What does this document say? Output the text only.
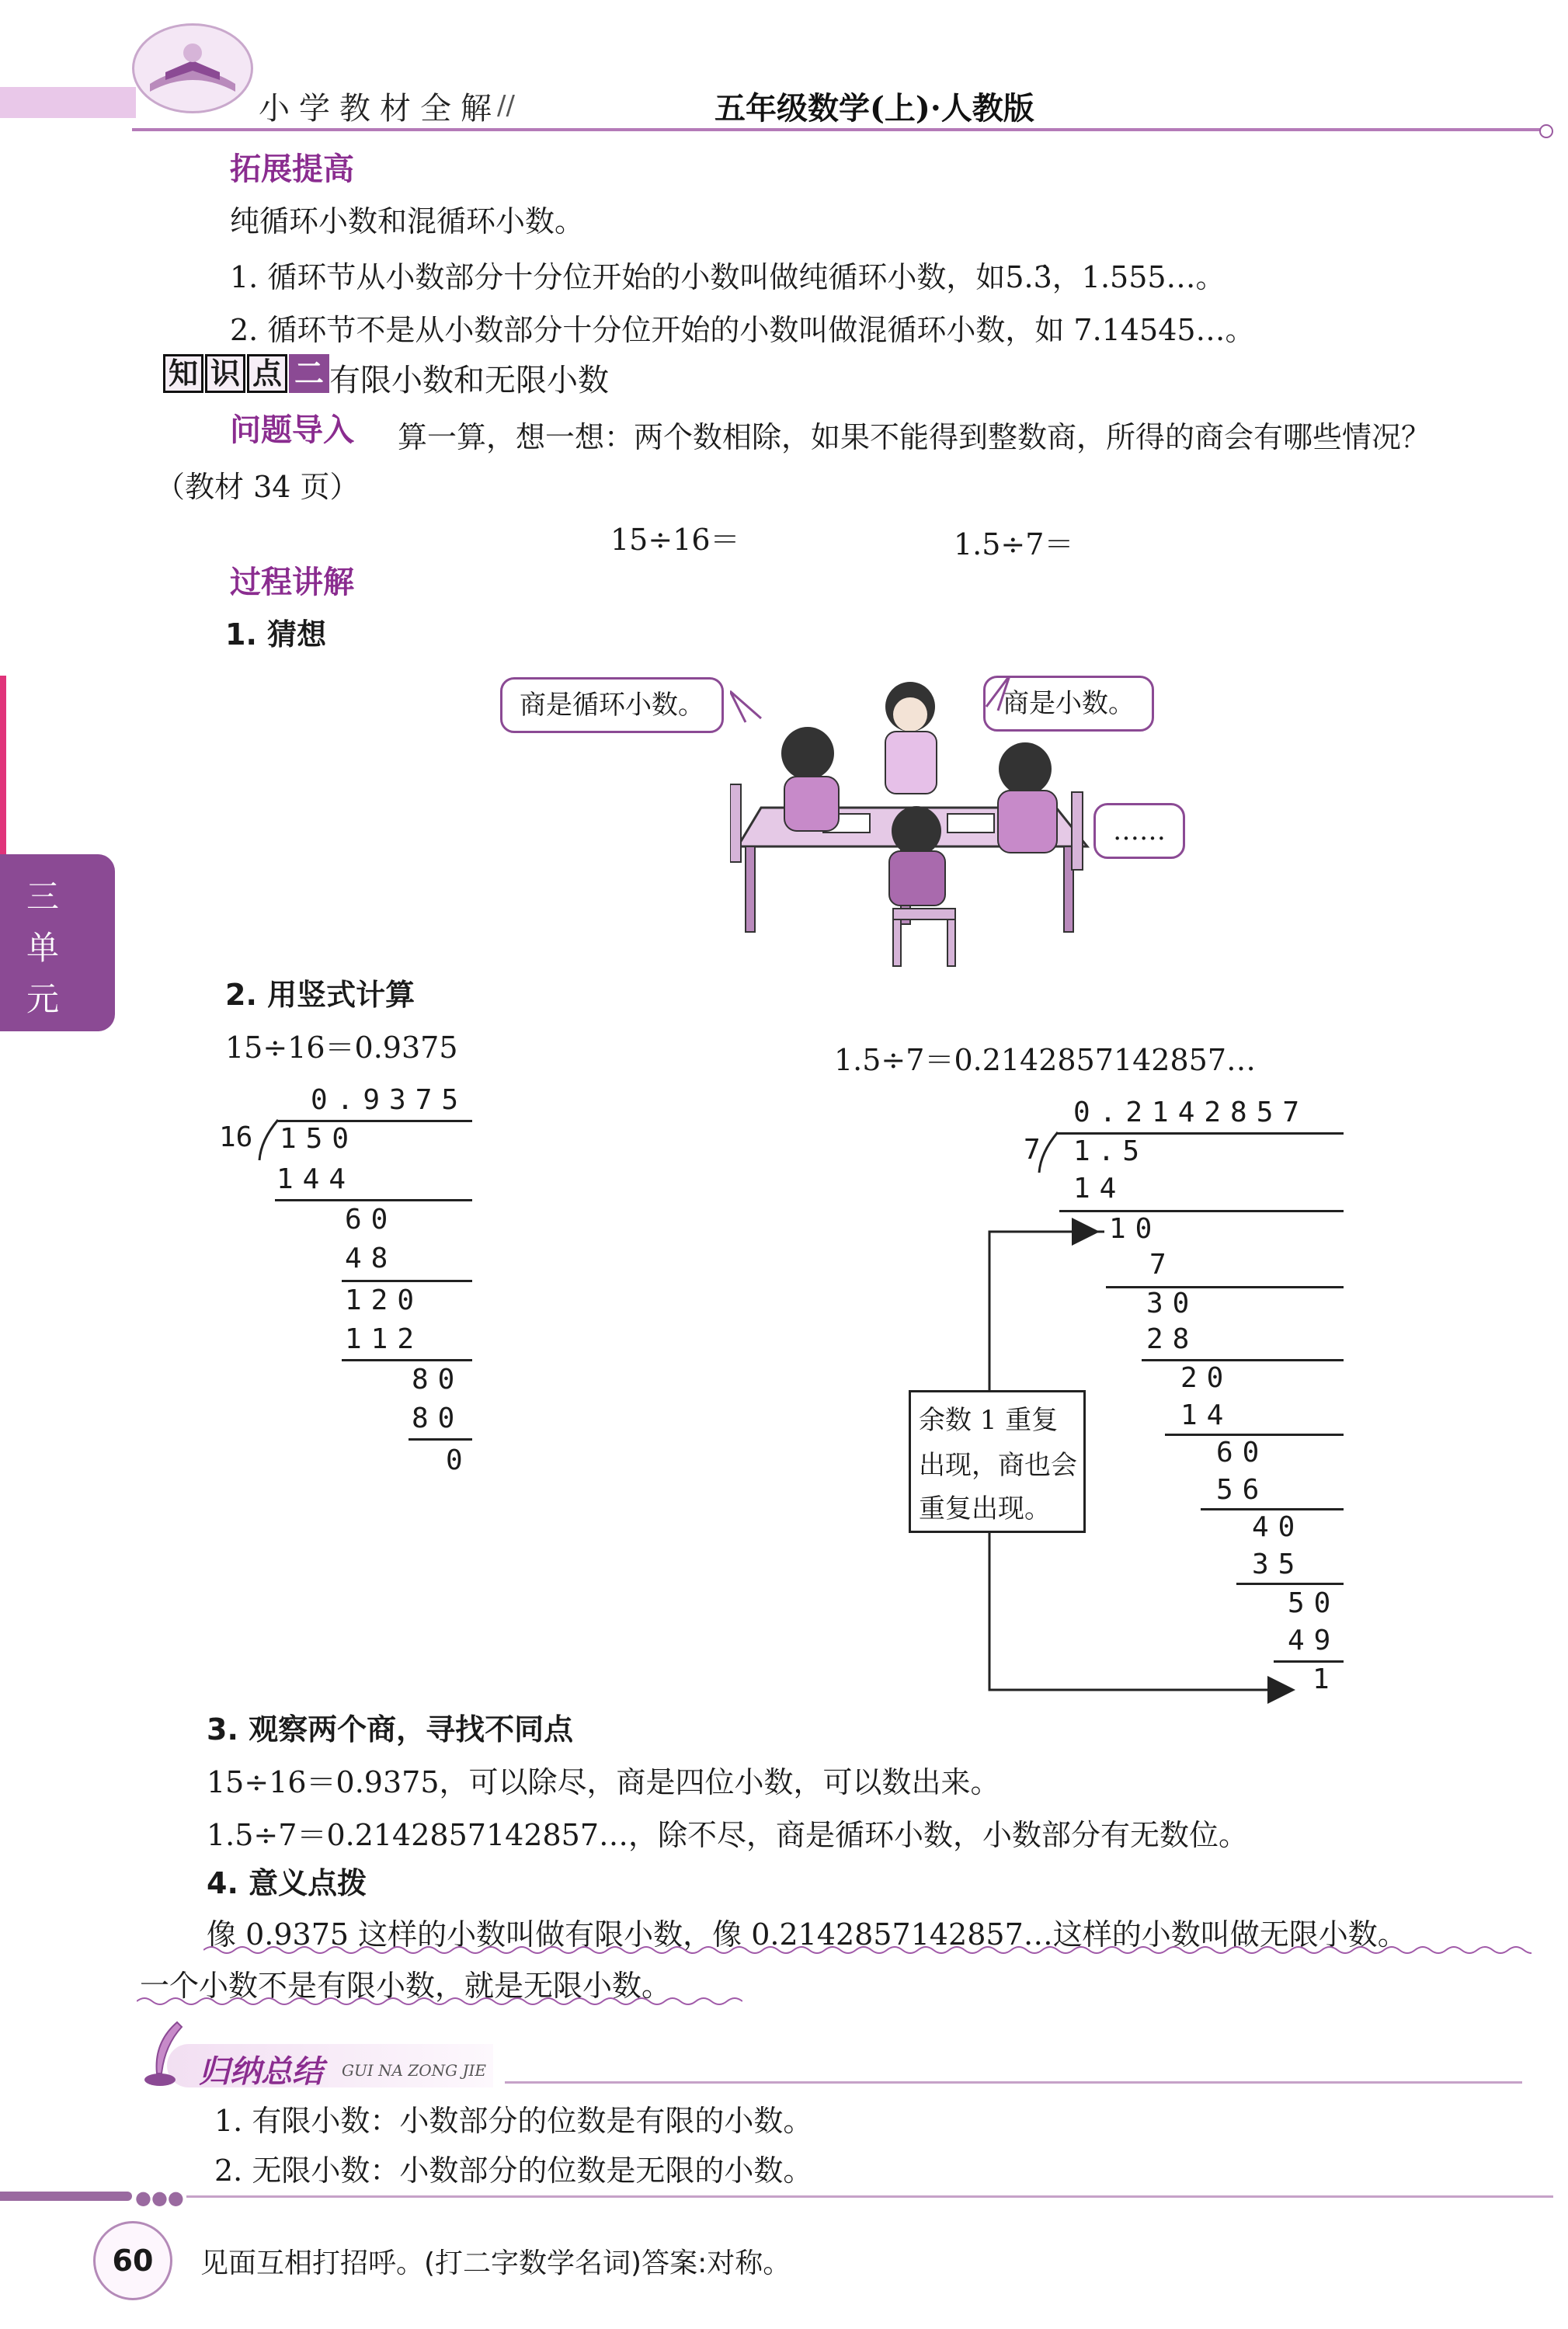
小学教材全解
//	五年级数学(上)·人教版
三
单
元
拓展提高
纯循环小数和混循环小数。
1. 循环节从小数部分十分位开始的小数叫做纯循环小数，如5.3̇，1.555…。
2. 循环节不是从小数部分十分位开始的小数叫做混循环小数，如 7.14545…。
知 识 点 二 有限小数和无限小数
问题导入 算一算，想一想：两个数相除，如果不能得到整数商，所得的商会有哪些情况？
（教材 34 页）
15÷16＝	1.5÷7＝
过程讲解
1. 猜想
商是循环小数。	商是小数。
……
2. 用竖式计算
15÷16＝0.9375	1.5÷7＝0.2142857142857…
0.9375
16 150
144
60
48
120
112
80
80
0
0.2142857
7 1.5
14
10
7
30
28
20
14
60
56
40
35
50
49
1
余数 1 重复
出现，商也会
重复出现。
3. 观察两个商，寻找不同点
15÷16＝0.9375，可以除尽，商是四位小数，可以数出来。
1.5÷7＝0.2142857142857…，除不尽，商是循环小数，小数部分有无数位。
4. 意义点拨
像 0.9375 这样的小数叫做有限小数，像 0.2142857142857…这样的小数叫做无限小数。
一个小数不是有限小数，就是无限小数。
归纳总结 GUI NA ZONG JIE
1. 有限小数：小数部分的位数是有限的小数。
2. 无限小数：小数部分的位数是无限的小数。
●●●
60	见面互相打招呼。(打二字数学名词)答案:对称。
